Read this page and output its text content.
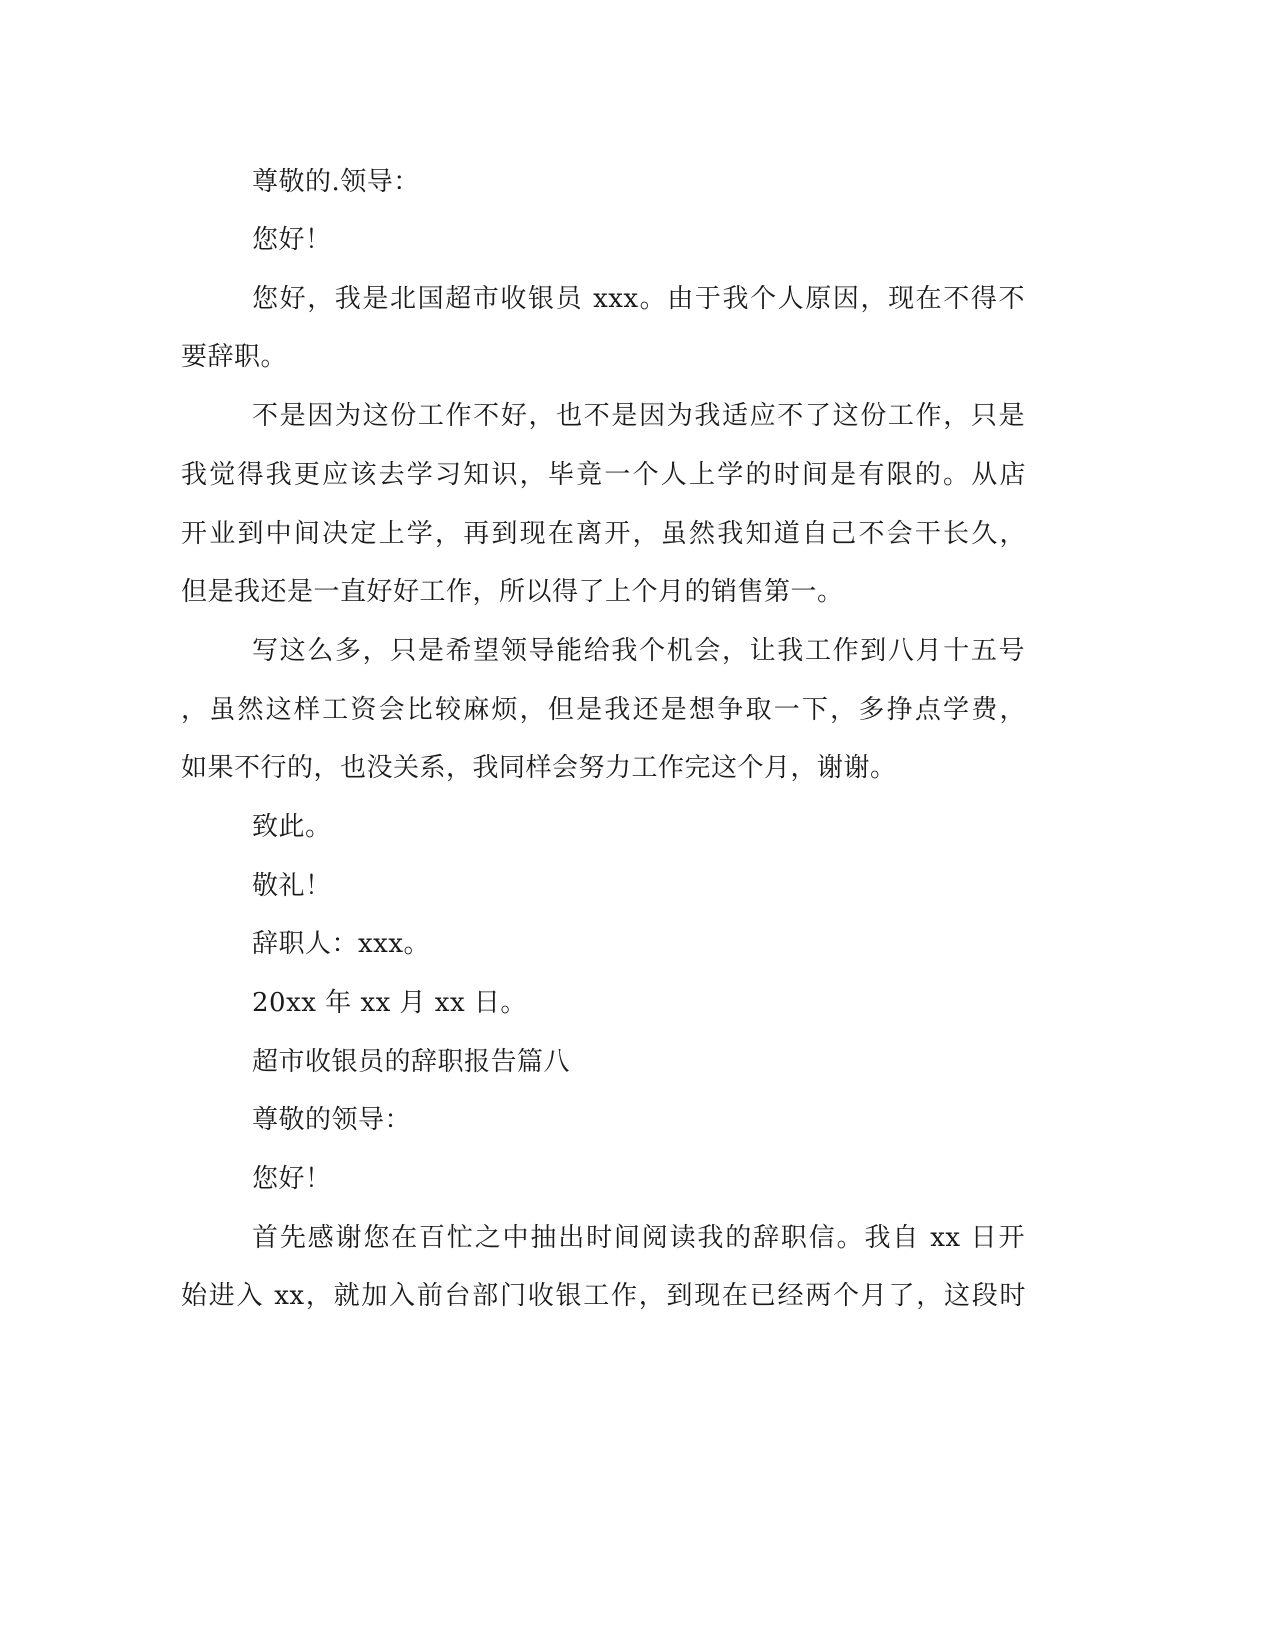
尊敬的.领导：
您好！
您好，我是北国超市收银员 xxx。由于我个人原因，现在不得不
要辞职。
不是因为这份工作不好，也不是因为我适应不了这份工作，只是
我觉得我更应该去学习知识，毕竟一个人上学的时间是有限的。从店
开业到中间决定上学，再到现在离开，虽然我知道自己不会干长久，
但是我还是一直好好工作，所以得了上个月的销售第一。
写这么多，只是希望领导能给我个机会，让我工作到八月十五号
，虽然这样工资会比较麻烦，但是我还是想争取一下，多挣点学费，
如果不行的，也没关系，我同样会努力工作完这个月，谢谢。
致此。
敬礼！
辞职人：xxx。
20xx 年 xx 月 xx 日。
超市收银员的辞职报告篇八
尊敬的领导：
您好！
首先感谢您在百忙之中抽出时间阅读我的辞职信。我自 xx 日开
始进入 xx，就加入前台部门收银工作，到现在已经两个月了，这段时
